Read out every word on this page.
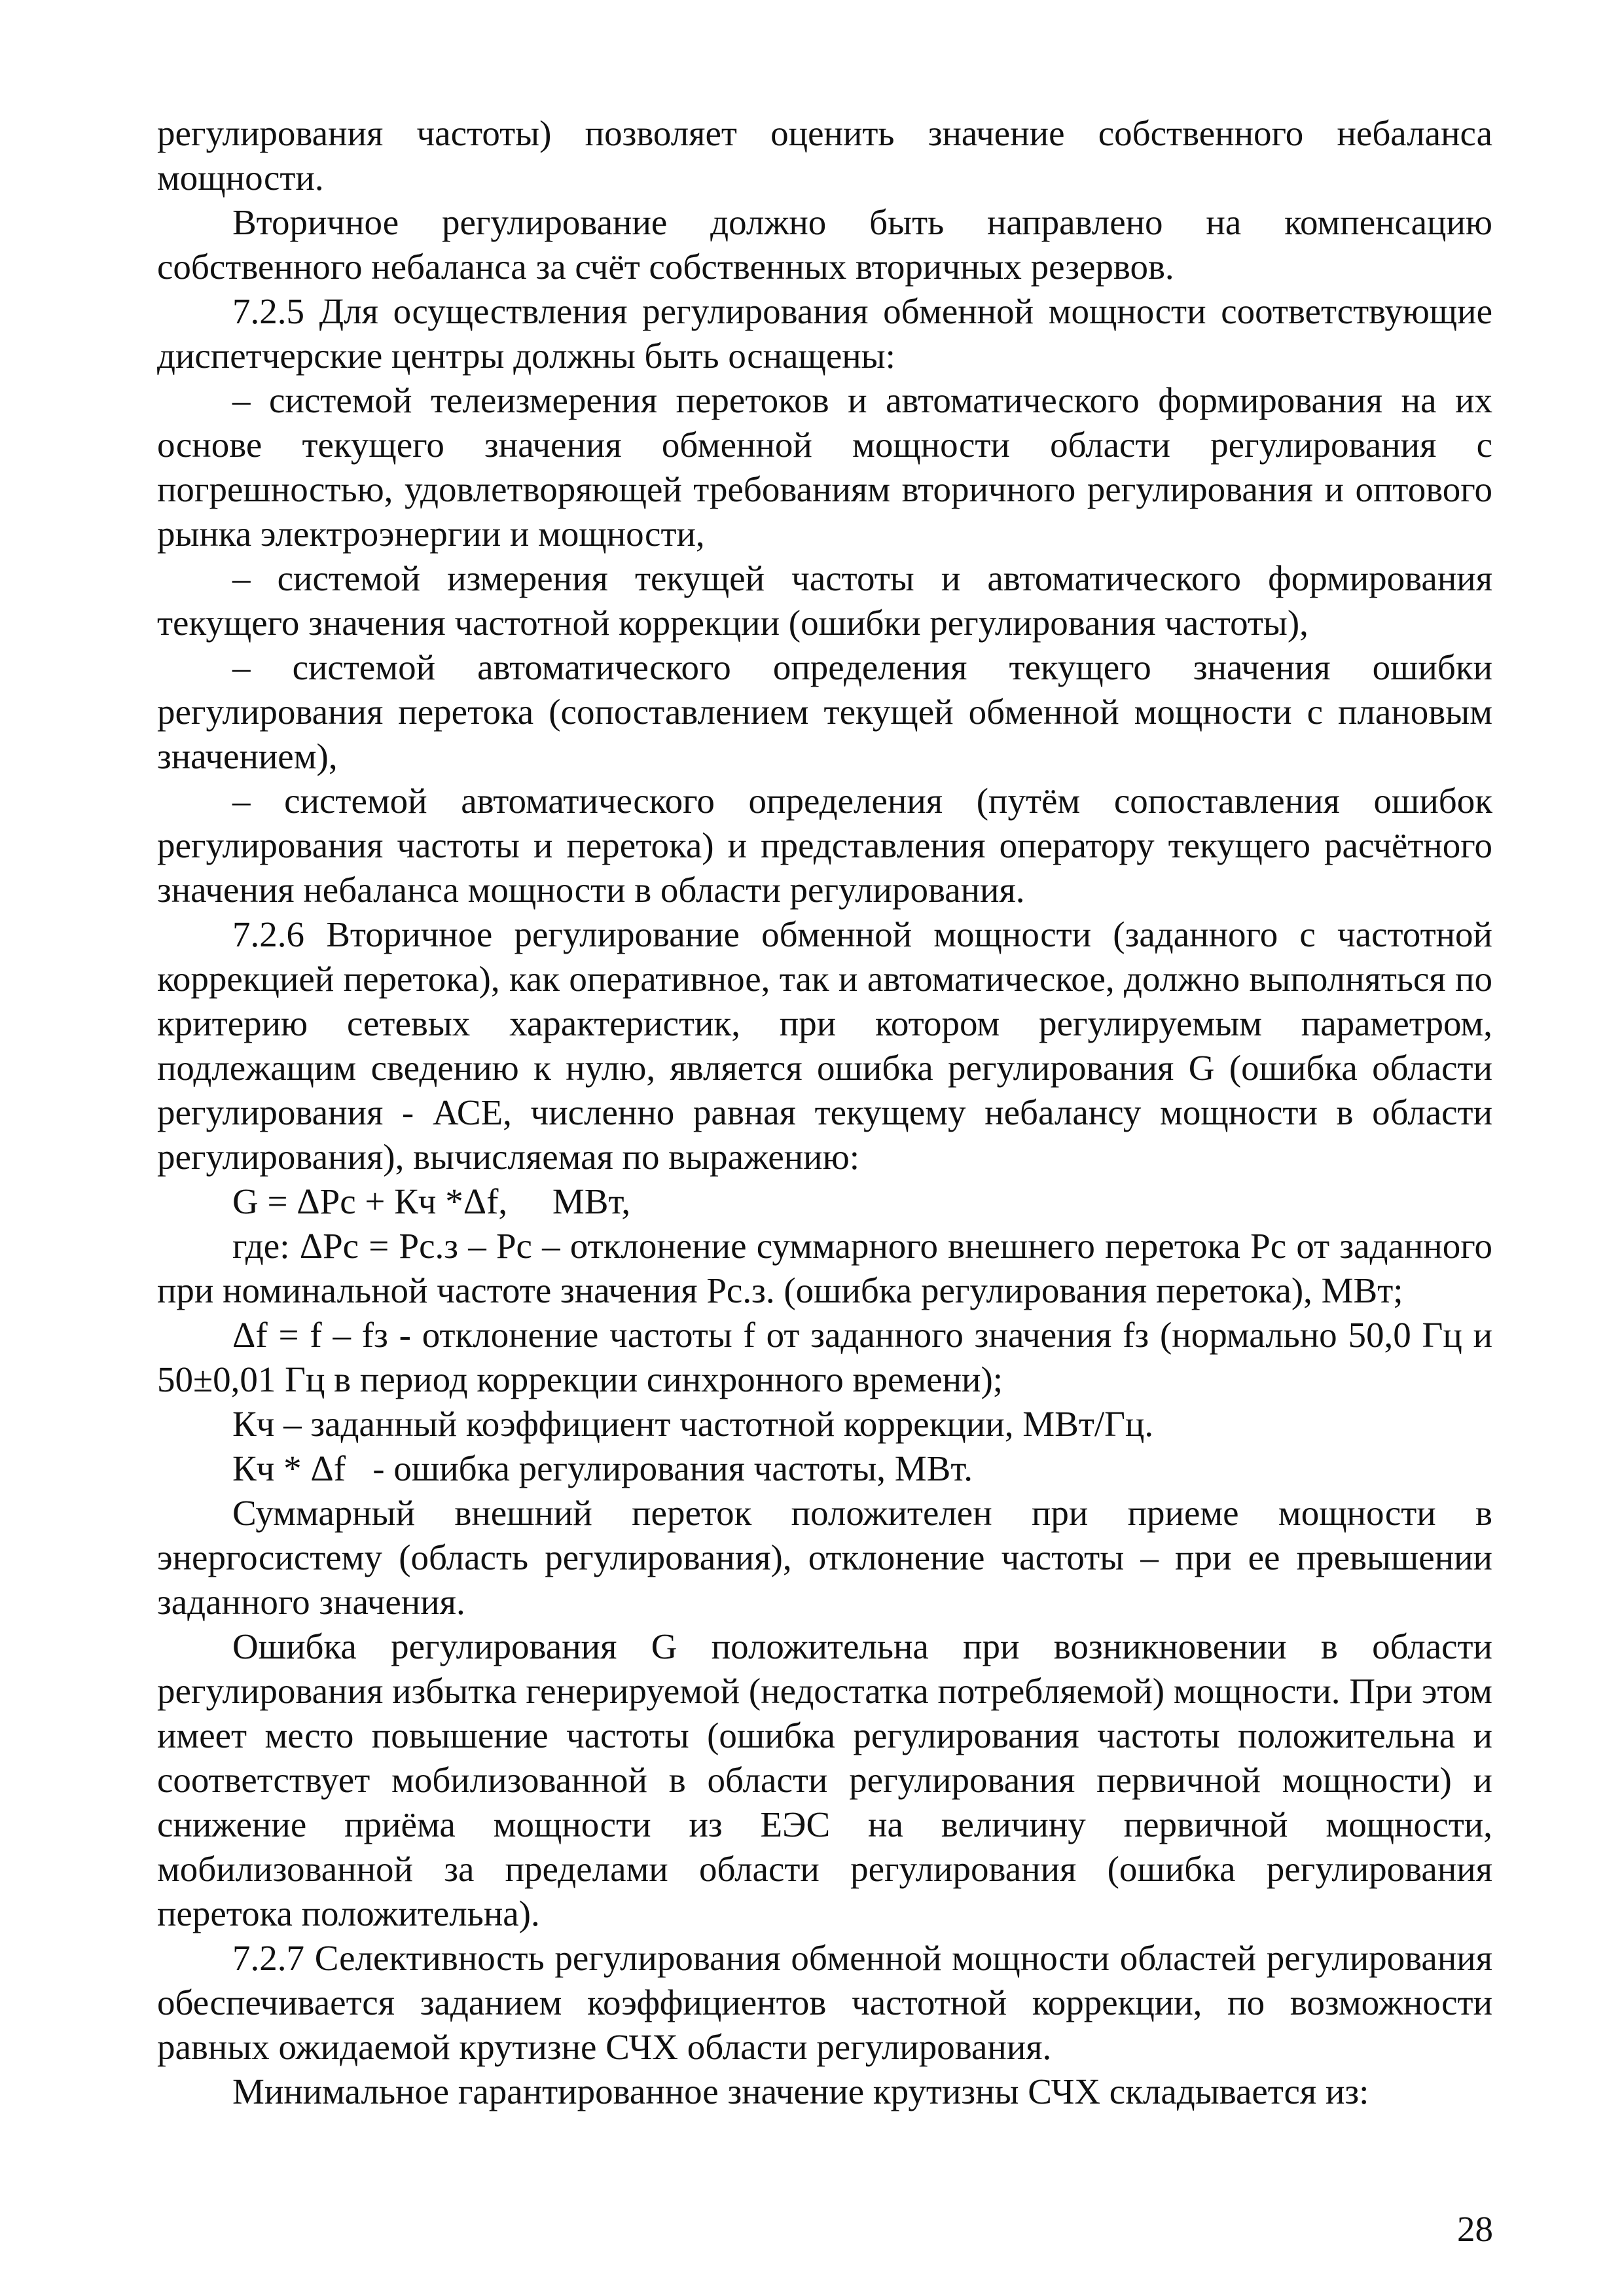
регулирования частоты) позволяет оценить значение собственного небаланса мощности.

Вторичное регулирование должно быть направлено на компенсацию собственного небаланса за счёт собственных вторичных резервов.

7.2.5 Для осуществления регулирования обменной мощности соответствующие диспетчерские центры должны быть оснащены:

– системой телеизмерения перетоков и автоматического формирования на их основе текущего значения обменной мощности области регулирования с погрешностью, удовлетворяющей требованиям вторичного регулирования и оптового рынка электроэнергии и мощности,

– системой измерения текущей частоты и автоматического формирования текущего значения частотной коррекции (ошибки регулирования частоты),

– системой автоматического определения текущего значения ошибки регулирования перетока (сопоставлением текущей обменной мощности с плановым значением),

– системой автоматического определения (путём сопоставления ошибок регулирования частоты и перетока) и представления оператору текущего расчётного значения небаланса мощности в области регулирования.

7.2.6 Вторичное регулирование обменной мощности (заданного с частотной коррекцией перетока), как оперативное, так и автоматическое, должно выполняться по критерию сетевых характеристик, при котором регулируемым параметром, подлежащим сведению к нулю, является ошибка регулирования G (ошибка области регулирования - АСЕ, численно равная текущему небалансу мощности в области регулирования), вычисляемая по выражению:

G = ΔРс + Кч *Δf,     МВт,

где: ΔРс = Рс.з – Рс – отклонение суммарного внешнего перетока Рс от заданного при номинальной частоте значения Рс.з. (ошибка регулирования перетока), МВт;

Δf = f – fз - отклонение частоты f от заданного значения fз (нормально 50,0 Гц и 50±0,01 Гц в период коррекции синхронного времени);

Кч – заданный коэффициент частотной коррекции, МВт/Гц.

Кч * Δf   - ошибка регулирования частоты, МВт.

Суммарный внешний переток положителен при приеме мощности в энергосистему (область регулирования), отклонение частоты – при ее превышении заданного значения.

Ошибка регулирования G положительна при возникновении в области регулирования избытка генерируемой (недостатка потребляемой) мощности. При этом имеет место повышение частоты (ошибка регулирования частоты положительна и соответствует мобилизованной в области регулирования первичной мощности) и снижение приёма мощности из ЕЭС на величину первичной мощности, мобилизованной за пределами области регулирования (ошибка регулирования перетока положительна).

7.2.7 Селективность регулирования обменной мощности областей регулирования обеспечивается заданием коэффициентов частотной коррекции, по возможности равных ожидаемой крутизне СЧХ области регулирования.

Минимальное гарантированное значение крутизны СЧХ складывается из:

28
